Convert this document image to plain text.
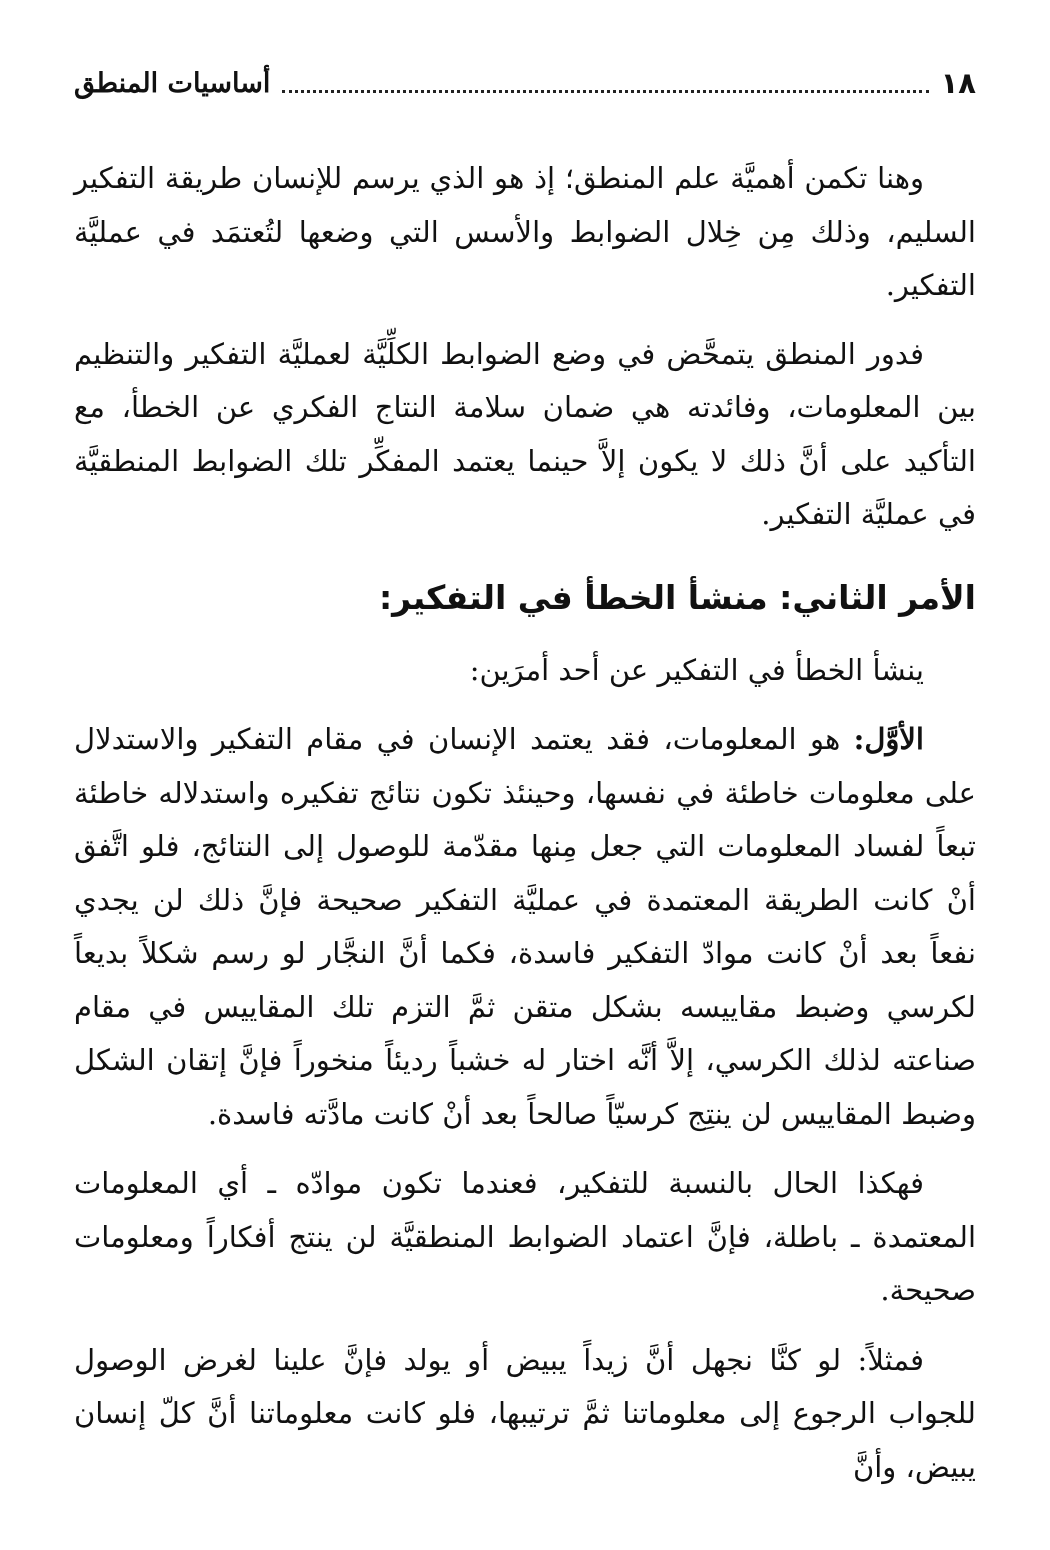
١٨
أساسيات المنطق

وهنا تكمن أهميَّة علم المنطق؛ إذ هو الذي يرسم للإنسان طريقة التفكير السليم، وذلك مِن خِلال الضوابط والأسس التي وضعها لتُعتمَد في عمليَّة التفكير.

فدور المنطق يتمحَّض في وضع الضوابط الكلِّيَّة لعمليَّة التفكير والتنظيم بين المعلومات، وفائدته هي ضمان سلامة النتاج الفكري عن الخطأ، مع التأكيد على أنَّ ذلك لا يكون إلاَّ حينما يعتمد المفكِّر تلك الضوابط المنطقيَّة في عمليَّة التفكير.

الأمر الثاني: منشأ الخطأ في التفكير:

ينشأ الخطأ في التفكير عن أحد أمرَين:

الأوَّل: هو المعلومات، فقد يعتمد الإنسان في مقام التفكير والاستدلال على معلومات خاطئة في نفسها، وحينئذ تكون نتائج تفكيره واستدلاله خاطئة تبعاً لفساد المعلومات التي جعل مِنها مقدّمة للوصول إلى النتائج، فلو اتَّفق أنْ كانت الطريقة المعتمدة في عمليَّة التفكير صحيحة فإنَّ ذلك لن يجدي نفعاً بعد أنْ كانت موادّ التفكير فاسدة، فكما أنَّ النجَّار لو رسم شكلاً بديعاً لكرسي وضبط مقاييسه بشكل متقن ثمَّ التزم تلك المقاييس في مقام صناعته لذلك الكرسي، إلاَّ أنَّه اختار له خشباً رديئاً منخوراً فإنَّ إتقان الشكل وضبط المقاييس لن ينتِج كرسيّاً صالحاً بعد أنْ كانت مادَّته فاسدة.

فهكذا الحال بالنسبة للتفكير، فعندما تكون موادّه ـ أي المعلومات المعتمدة ـ باطلة، فإنَّ اعتماد الضوابط المنطقيَّة لن ينتج أفكاراً ومعلومات صحيحة.

فمثلاً: لو كنَّا نجهل أنَّ زيداً يبيض أو يولد فإنَّ علينا لغرض الوصول للجواب الرجوع إلى معلوماتنا ثمَّ ترتيبها، فلو كانت معلوماتنا أنَّ كلّ إنسان يبيض، وأنَّ
